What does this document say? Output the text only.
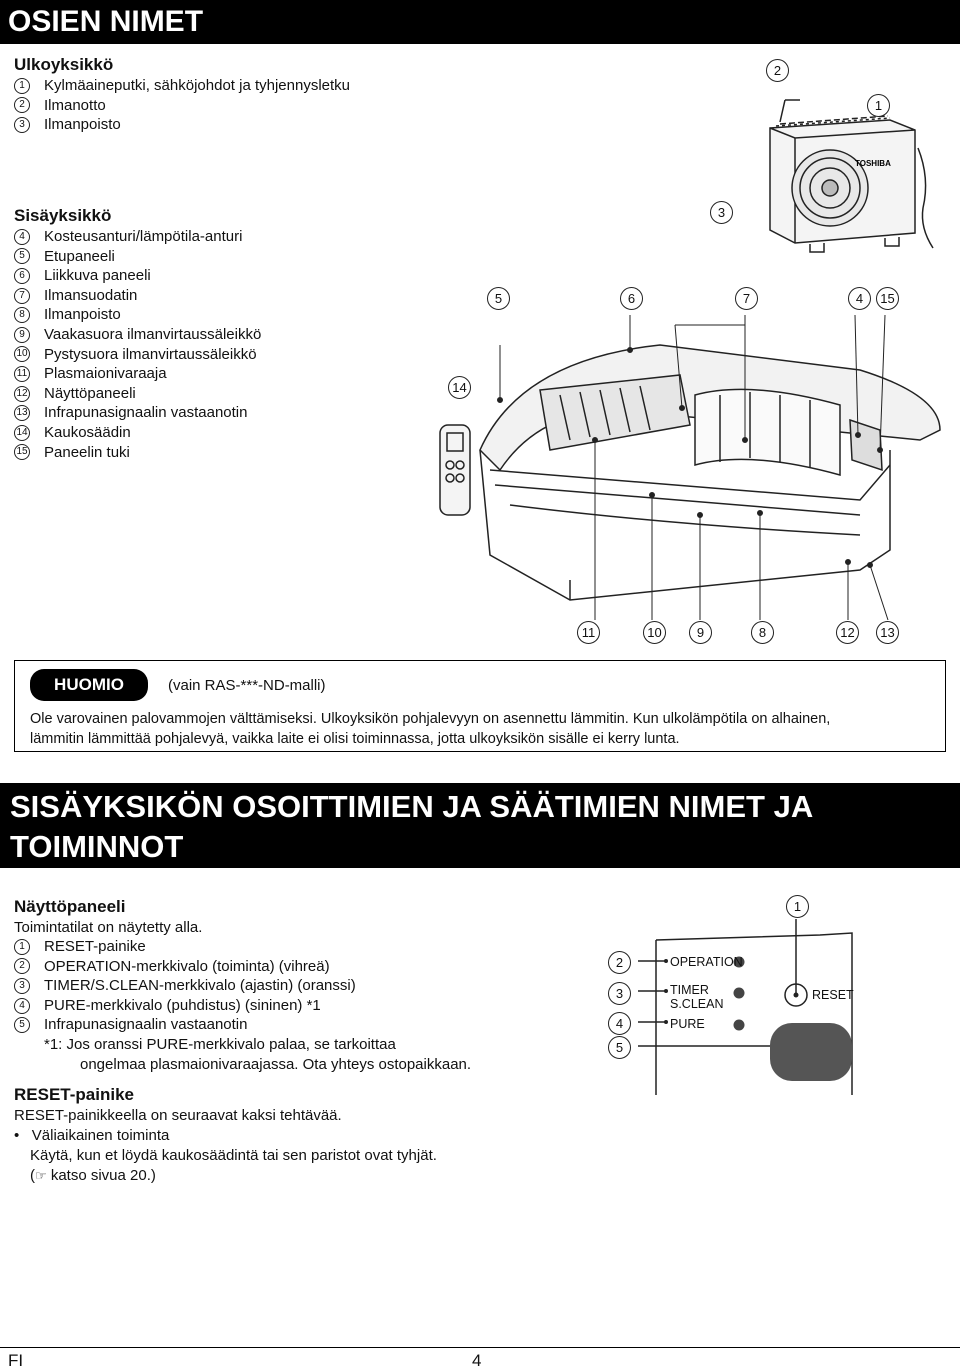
OSIEN NIMET
Ulkoyksikkö
1	Kylmäaineputki, sähköjohdot ja tyhjennysletku
2	Ilmanotto
3	Ilmanpoisto
Sisäyksikkö
4	Kosteusanturi/lämpötila-anturi
5	Etupaneeli
6	Liikkuva paneeli
7	Ilmansuodatin
8	Ilmanpoisto
9	Vaakasuora ilmanvirtaussäleikkö
10 Pystysuora ilmanvirtaussäleikkö
11 Plasmaionivaraaja
12 Näyttöpaneeli
13 Infrapunasignaalin vastaanotin
14 Kaukosäädin
15 Paneelin tuki
TOSHIBA
2
1
3
5	6	7	4	15
14
11	10	9	8	12	13
HUOMIO	(vain RAS-***-ND-malli)
Ole varovainen palovammojen välttämiseksi. Ulkoyksikön pohjalevyyn on asennettu lämmitin. Kun ulkolämpötila on alhainen,
lämmitin lämmittää pohjalevyä, vaikka laite ei olisi toiminnassa, jotta ulkoyksikön sisälle ei kerry lunta.
SISÄYKSIKÖN OSOITTIMIEN JA SÄÄTIMIEN NIMET JA
TOIMINNOT
Näyttöpaneeli
Toimintatilat on näytetty alla.
1	RESET-painike
2	OPERATION-merkkivalo (toiminta) (vihreä)
3	TIMER/S.CLEAN-merkkivalo (ajastin) (oranssi)
4	PURE-merkkivalo (puhdistus) (sininen) *1
5	Infrapunasignaalin vastaanotin
*1: Jos oranssi PURE-merkkivalo palaa, se tarkoittaa
ongelmaa plasmaionivaraajassa. Ota yhteys ostopaikkaan.
OPERATION
TIMER
S.CLEAN
PURE
RESET
1
2
3
4
5
RESET-painike
RESET-painikkeella on seuraavat kaksi tehtävää.
•   Väliaikainen toiminta
Käytä, kun et löydä kaukosäädintä tai sen paristot ovat tyhjät.
(☞ katso sivua 20.)
FI	4
